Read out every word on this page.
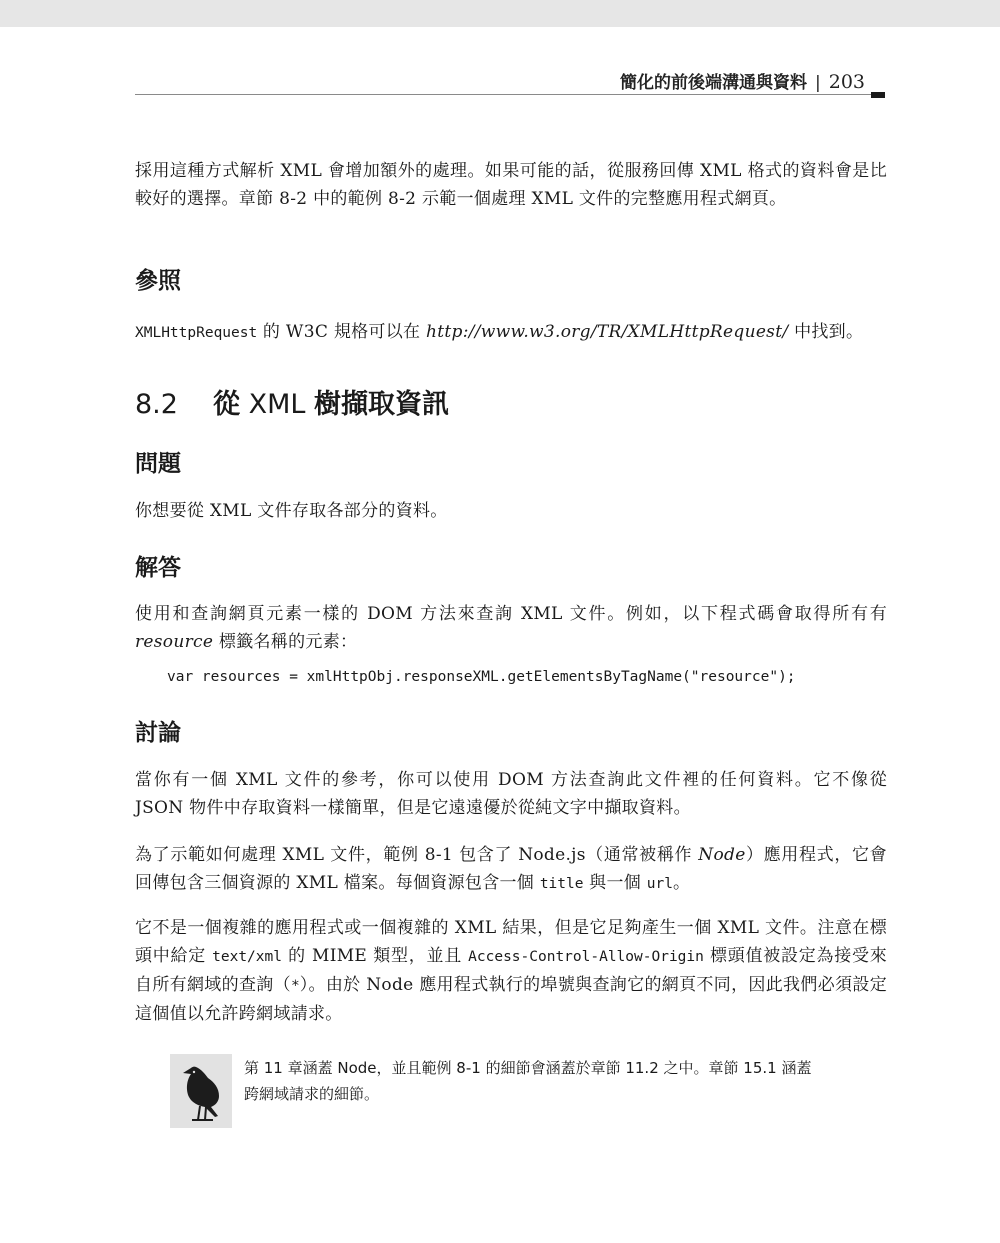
簡化的前後端溝通與資料 | 203

採用這種方式解析 XML 會增加額外的處理。如果可能的話，從服務回傳 XML 格式的資料會是比較好的選擇。章節 8-2 中的範例 8-2 示範一個處理 XML 文件的完整應用程式網頁。

參照

XMLHttpRequest 的 W3C 規格可以在 http://www.w3.org/TR/XMLHttpRequest/ 中找到。

8.2 從 XML 樹擷取資訊
問題

你想要從 XML 文件存取各部分的資料。

解答

使用和查詢網頁元素一樣的 DOM 方法來查詢 XML 文件。例如，以下程式碼會取得所有有 resource 標籤名稱的元素：

var resources = xmlHttpObj.responseXML.getElementsByTagName("resource");
討論

當你有一個 XML 文件的參考，你可以使用 DOM 方法查詢此文件裡的任何資料。它不像從 JSON 物件中存取資料一樣簡單，但是它遠遠優於從純文字中擷取資料。

為了示範如何處理 XML 文件，範例 8-1 包含了 Node.js（通常被稱作 Node）應用程式，它會回傳包含三個資源的 XML 檔案。每個資源包含一個 title 與一個 url。

它不是一個複雜的應用程式或一個複雜的 XML 結果，但是它足夠產生一個 XML 文件。注意在標頭中給定 text/xml 的 MIME 類型，並且 Access-Control-Allow-Origin 標頭值被設定為接受來自所有網域的查詢（*）。由於 Node 應用程式執行的埠號與查詢它的網頁不同，因此我們必須設定這個值以允許跨網域請求。

第 11 章涵蓋 Node，並且範例 8-1 的細節會涵蓋於章節 11.2 之中。章節 15.1 涵蓋跨網域請求的細節。
